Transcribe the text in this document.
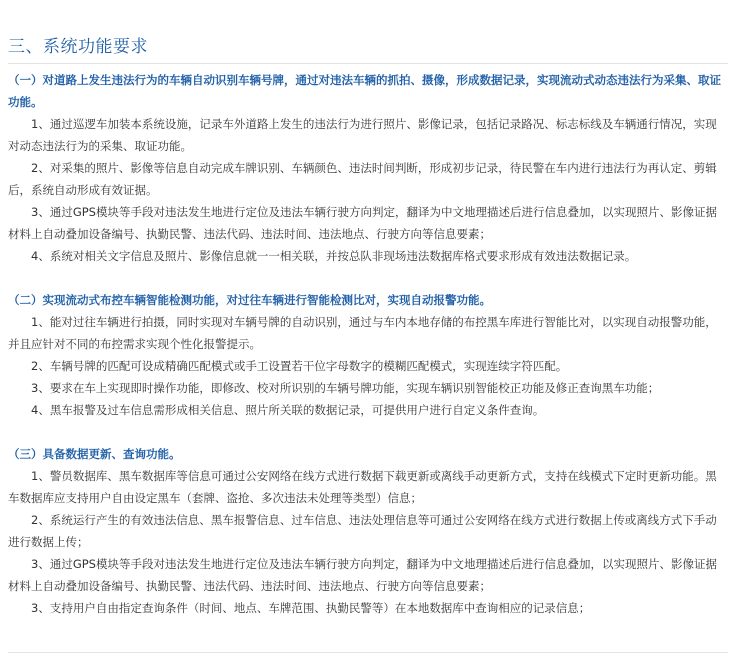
三、系统功能要求

（一）对道路上发生违法行为的车辆自动识别车辆号牌，通过对违法车辆的抓拍、摄像，形成数据记录，实现流动式动态违法行为采集、取证功能。

1、通过巡逻车加装本系统设施，记录车外道路上发生的违法行为进行照片、影像记录，包括记录路况、标志标线及车辆通行情况，实现对动态违法行为的采集、取证功能。

2、对采集的照片、影像等信息自动完成车牌识别、车辆颜色、违法时间判断，形成初步记录，待民警在车内进行违法行为再认定、剪辑后，系统自动形成有效证据。

3、通过GPS模块等手段对违法发生地进行定位及违法车辆行驶方向判定，翻译为中文地理描述后进行信息叠加，以实现照片、影像证据材料上自动叠加设备编号、执勤民警、违法代码、违法时间、违法地点、行驶方向等信息要素；

4、系统对相关文字信息及照片、影像信息就一一相关联，并按总队非现场违法数据库格式要求形成有效违法数据记录。

（二）实现流动式布控车辆智能检测功能，对过往车辆进行智能检测比对，实现自动报警功能。

1、能对过往车辆进行拍摄，同时实现对车辆号牌的自动识别，通过与车内本地存储的布控黑车库进行智能比对，以实现自动报警功能，并且应针对不同的布控需求实现个性化报警提示。

2、车辆号牌的匹配可设成精确匹配模式或手工设置若干位字母数字的模糊匹配模式，实现连续字符匹配。

3、要求在车上实现即时操作功能，即修改、校对所识别的车辆号牌功能，实现车辆识别智能校正功能及修正查询黑车功能；

4、黑车报警及过车信息需形成相关信息、照片所关联的数据记录，可提供用户进行自定义条件查询。

（三）具备数据更新、查询功能。

1、警员数据库、黑车数据库等信息可通过公安网络在线方式进行数据下载更新或离线手动更新方式，支持在线模式下定时更新功能。黑车数据库应支持用户自由设定黑车（套牌、盗抢、多次违法未处理等类型）信息；

2、系统运行产生的有效违法信息、黑车报警信息、过车信息、违法处理信息等可通过公安网络在线方式进行数据上传或离线方式下手动进行数据上传；

3、通过GPS模块等手段对违法发生地进行定位及违法车辆行驶方向判定，翻译为中文地理描述后进行信息叠加，以实现照片、影像证据材料上自动叠加设备编号、执勤民警、违法代码、违法时间、违法地点、行驶方向等信息要素；

3、支持用户自由指定查询条件（时间、地点、车牌范围、执勤民警等）在本地数据库中查询相应的记录信息；
